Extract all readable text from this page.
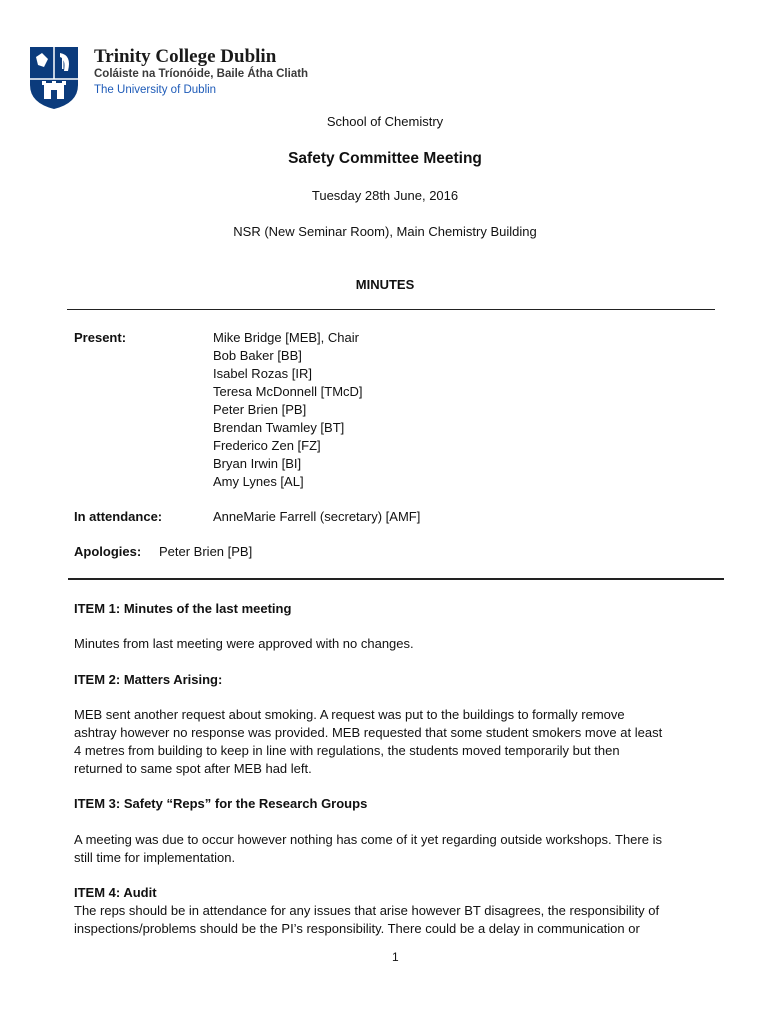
Trinity College Dublin
Coláiste na Tríonóide, Baile Átha Cliath
The University of Dublin
School of Chemistry
Safety Committee Meeting
Tuesday 28th June, 2016
NSR (New Seminar Room), Main Chemistry Building
MINUTES
Present:	Mike Bridge [MEB], Chair
Bob Baker [BB]
Isabel Rozas [IR]
Teresa McDonnell [TMcD]
Peter Brien [PB]
Brendan Twamley [BT]
Frederico Zen [FZ]
Bryan Irwin [BI]
Amy Lynes [AL]
In attendance:	AnneMarie Farrell (secretary) [AMF]
Apologies: Peter Brien [PB]
ITEM 1: Minutes of the last meeting
Minutes from last meeting were approved with no changes.
ITEM 2: Matters Arising:
MEB sent another request about smoking. A request was put to the buildings to formally remove
ashtray however no response was provided. MEB requested that some student smokers move at least
4 metres from building to keep in line with regulations, the students moved temporarily but then
returned to same spot after MEB had left.
ITEM 3: Safety “Reps” for the Research Groups
A meeting was due to occur however nothing has come of it yet regarding outside workshops. There is
still time for implementation.
ITEM 4: Audit
The reps should be in attendance for any issues that arise however BT disagrees, the responsibility of
inspections/problems should be the PI’s responsibility. There could be a delay in communication or
1
